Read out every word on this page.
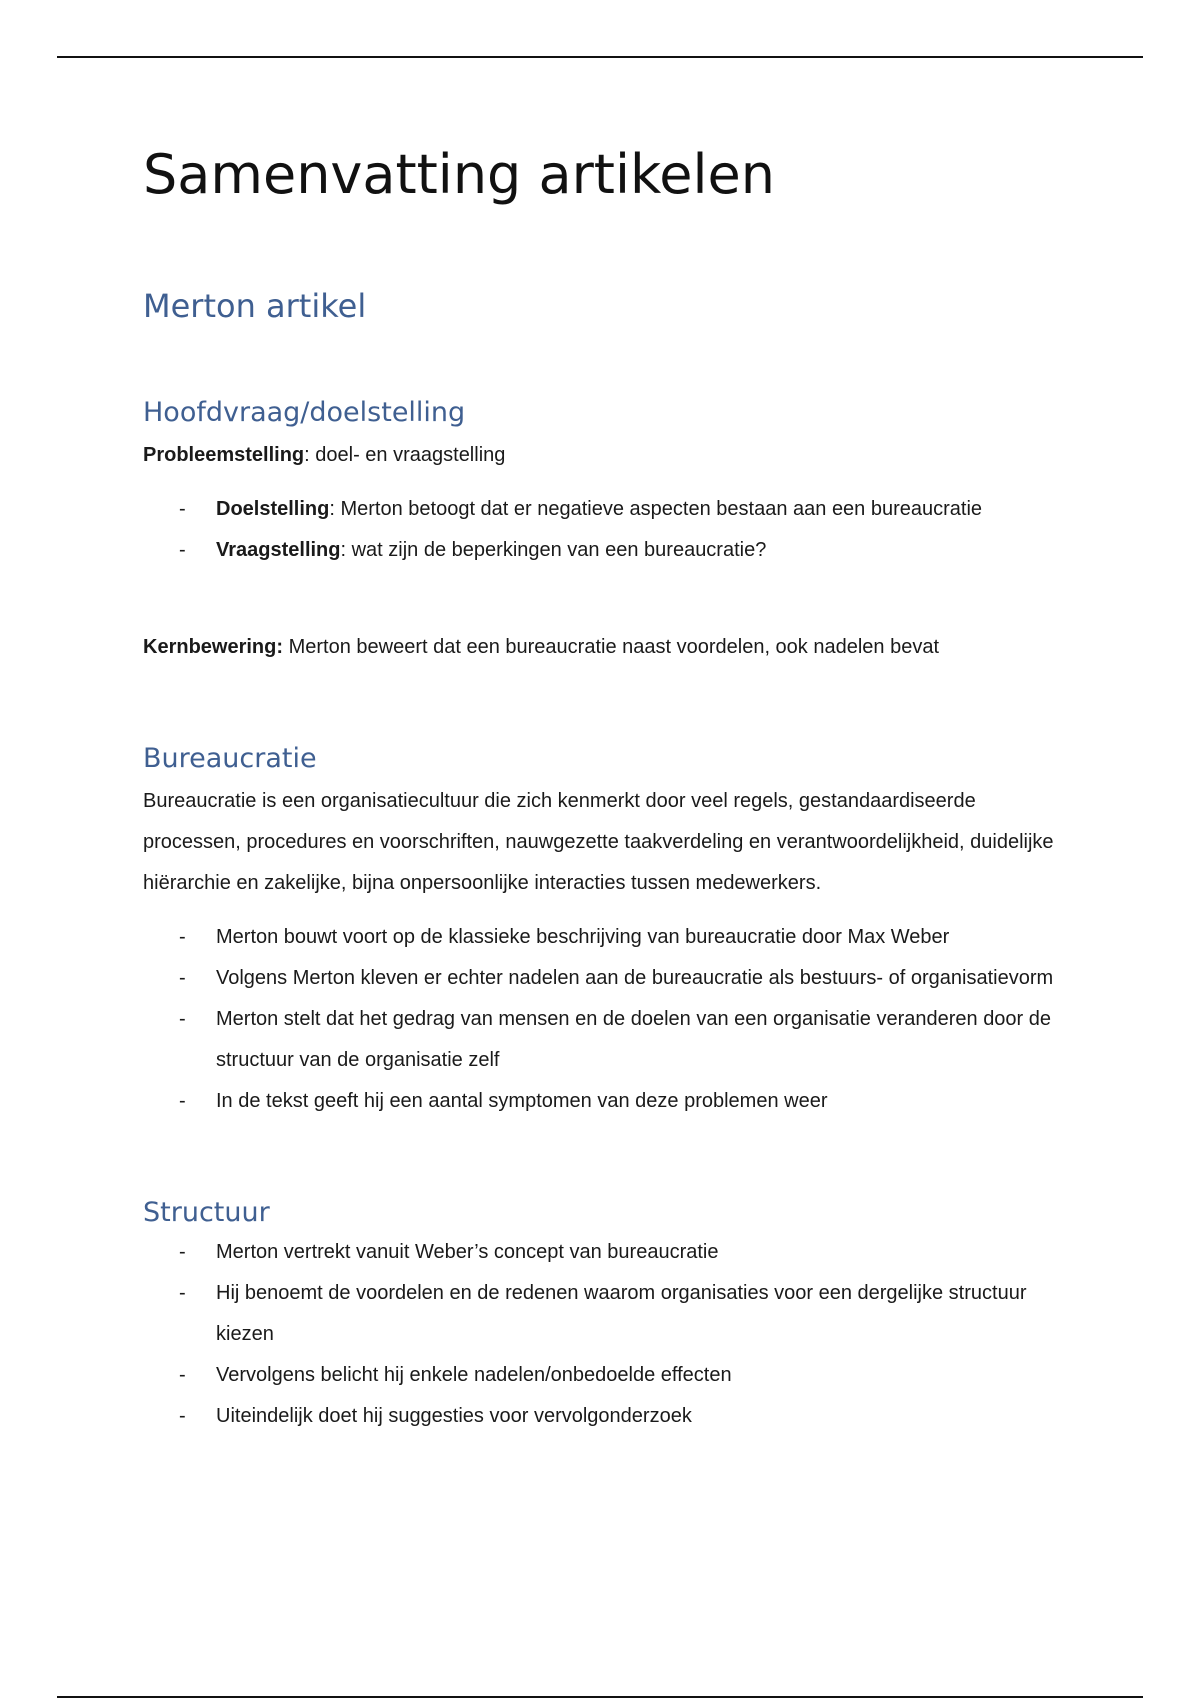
Samenvatting artikelen
Merton artikel
Hoofdvraag/doelstelling

Probleemstelling: doel- en vraagstelling

- Doelstelling: Merton betoogt dat er negatieve aspecten bestaan aan een bureaucratie
- Vraagstelling: wat zijn de beperkingen van een bureaucratie?

Kernbewering: Merton beweert dat een bureaucratie naast voordelen, ook nadelen bevat

Bureaucratie

Bureaucratie is een organisatiecultuur die zich kenmerkt door veel regels, gestandaardiseerde processen, procedures en voorschriften, nauwgezette taakverdeling en verantwoordelijkheid, duidelijke hiërarchie en zakelijke, bijna onpersoonlijke interacties tussen medewerkers.

- Merton bouwt voort op de klassieke beschrijving van bureaucratie door Max Weber
- Volgens Merton kleven er echter nadelen aan de bureaucratie als bestuurs- of organisatievorm
- Merton stelt dat het gedrag van mensen en de doelen van een organisatie veranderen door de structuur van de organisatie zelf
- In de tekst geeft hij een aantal symptomen van deze problemen weer
Structuur
- Merton vertrekt vanuit Weber’s concept van bureaucratie
- Hij benoemt de voordelen en de redenen waarom organisaties voor een dergelijke structuur kiezen
- Vervolgens belicht hij enkele nadelen/onbedoelde effecten
- Uiteindelijk doet hij suggesties voor vervolgonderzoek
